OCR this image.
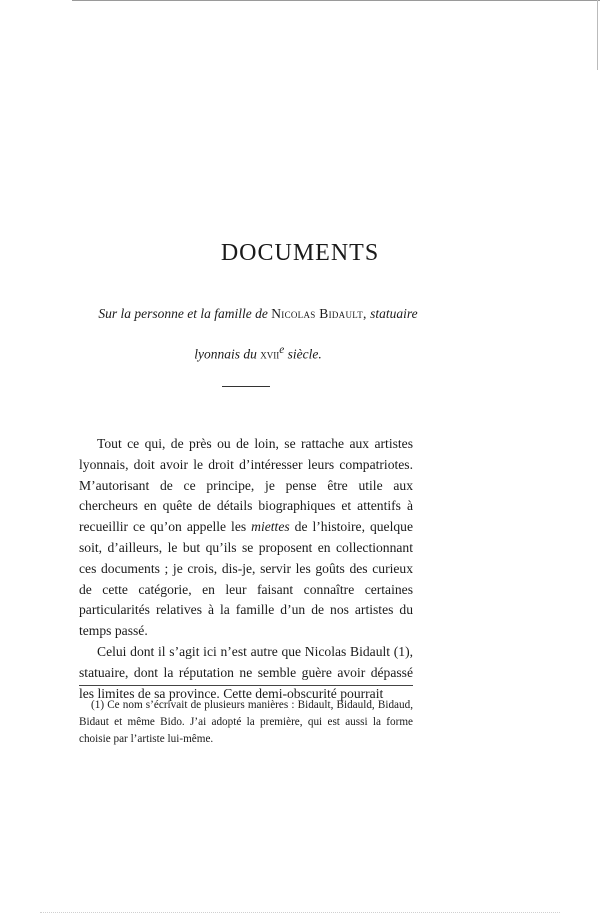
DOCUMENTS
Sur la personne et la famille de Nicolas Bidault, statuaire
lyonnais du xvii$^e$ siècle.

Tout ce qui, de près ou de loin, se rattache aux artistes lyonnais, doit avoir le droit d’intéresser leurs compatriotes. M’autorisant de ce principe, je pense être utile aux chercheurs en quête de détails biographiques et attentifs à recueillir ce qu’on appelle les miettes de l’histoire, quelque soit, d’ailleurs, le but qu’ils se proposent en collectionnant ces documents ; je crois, dis-je, servir les goûts des curieux de cette catégorie, en leur faisant connaître certaines particularités relatives à la famille d’un de nos artistes du temps passé.

Celui dont il s’agit ici n’est autre que Nicolas Bidault (1), statuaire, dont la réputation ne semble guère avoir dépassé les limites de sa province. Cette demi-obscurité pourrait

(1) Ce nom s’écrivait de plusieurs manières : Bidault, Bidauld, Bidaud, Bidaut et même Bido. J’ai adopté la première, qui est aussi la forme choisie par l’artiste lui-même.
